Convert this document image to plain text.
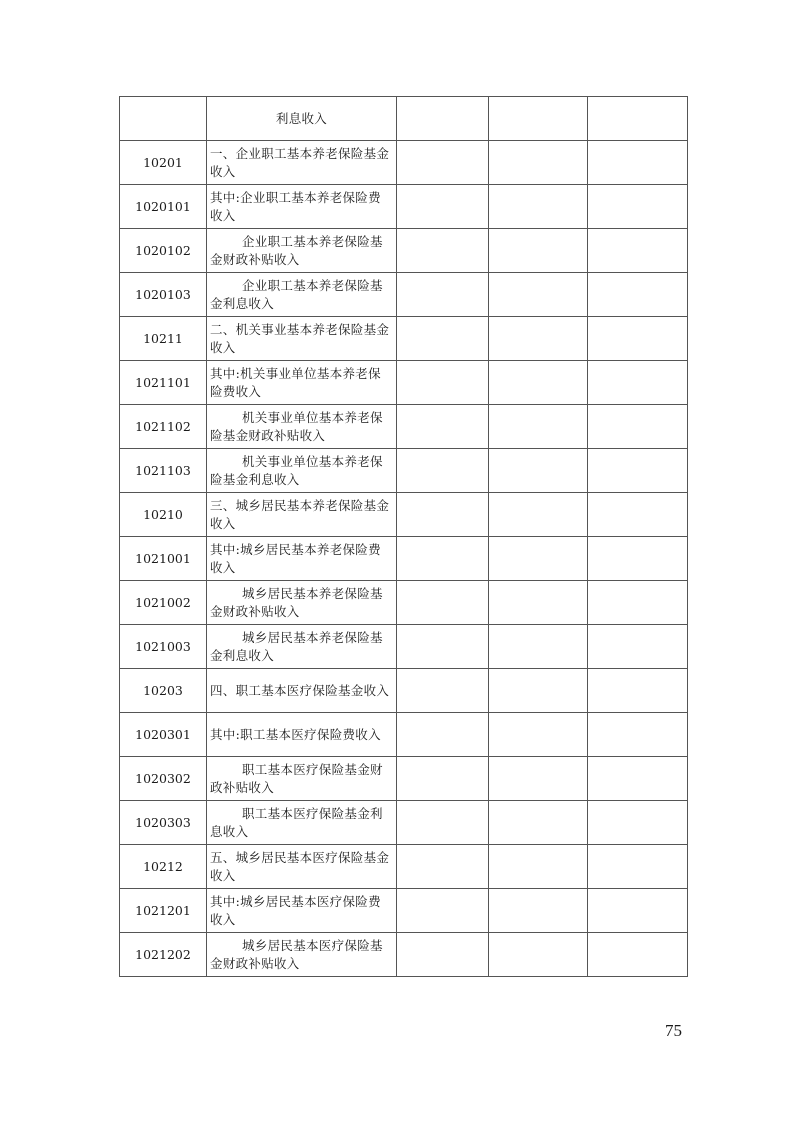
	利息收入			
10201	一、企业职工基本养老保险基金收入			
1020101	其中:企业职工基本养老保险费收入			
1020102	企业职工基本养老保险基金财政补贴收入			
1020103	企业职工基本养老保险基金利息收入			
10211	二、机关事业基本养老保险基金收入			
1021101	其中:机关事业单位基本养老保险费收入			
1021102	机关事业单位基本养老保险基金财政补贴收入			
1021103	机关事业单位基本养老保险基金利息收入			
10210	三、城乡居民基本养老保险基金收入			
1021001	其中:城乡居民基本养老保险费收入			
1021002	城乡居民基本养老保险基金财政补贴收入			
1021003	城乡居民基本养老保险基金利息收入			
10203	四、职工基本医疗保险基金收入			
1020301	其中:职工基本医疗保险费收入			
1020302	职工基本医疗保险基金财政补贴收入			
1020303	职工基本医疗保险基金利息收入			
10212	五、城乡居民基本医疗保险基金收入			
1021201	其中:城乡居民基本医疗保险费收入			
1021202	城乡居民基本医疗保险基金财政补贴收入			
75
